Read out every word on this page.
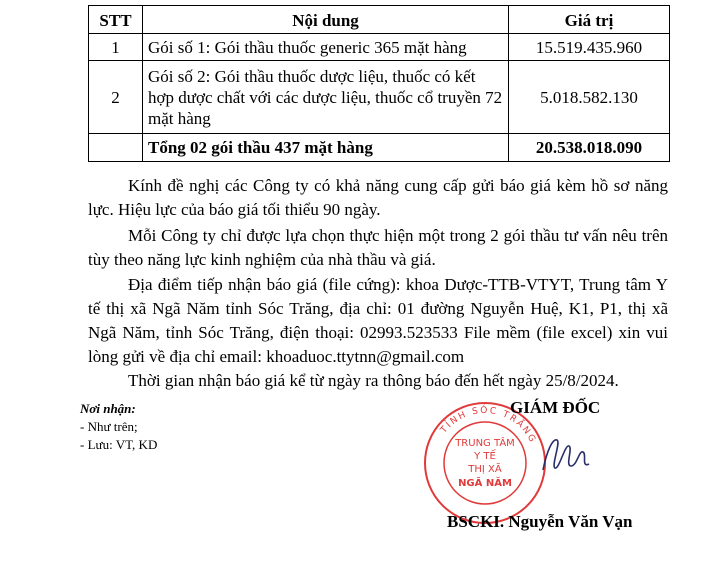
STT	Nội dung	Giá trị
1	Gói số 1: Gói thầu thuốc generic 365 mặt hàng	15.519.435.960
2	Gói số 2: Gói thầu thuốc dược liệu, thuốc có kết hợp dược chất với các dược liệu, thuốc cổ truyền 72 mặt hàng	5.018.582.130
	Tổng 02 gói thầu 437 mặt hàng	20.538.018.090

Kính đề nghị các Công ty có khả năng cung cấp gửi báo giá kèm hồ sơ năng lực. Hiệu lực của báo giá tối thiểu 90 ngày.

Mỗi Công ty chỉ được lựa chọn thực hiện một trong 2 gói thầu tư vấn nêu trên tùy theo năng lực kinh nghiệm của nhà thầu và giá.

Địa điểm tiếp nhận báo giá (file cứng): khoa Dược-TTB-VTYT, Trung tâm Y tế thị xã Ngã Năm tỉnh Sóc Trăng, địa chỉ: 01 đường Nguyễn Huệ, K1, P1, thị xã Ngã Năm, tỉnh Sóc Trăng, điện thoại: 02993.523533 File mềm (file excel) xin vui lòng gửi về địa chỉ email: khoaduoc.ttytnn@gmail.com

Thời gian nhận báo giá kể từ ngày ra thông báo đến hết ngày 25/8/2024.

Nơi nhận:
- Như trên;
- Lưu: VT, KD
TỈNH SÓC TRĂNG
TRUNG TÂM
Y TẾ
THỊ XÃ
NGÃ NĂM
GIÁM ĐỐC
BSCKI. Nguyễn Văn Vạn
